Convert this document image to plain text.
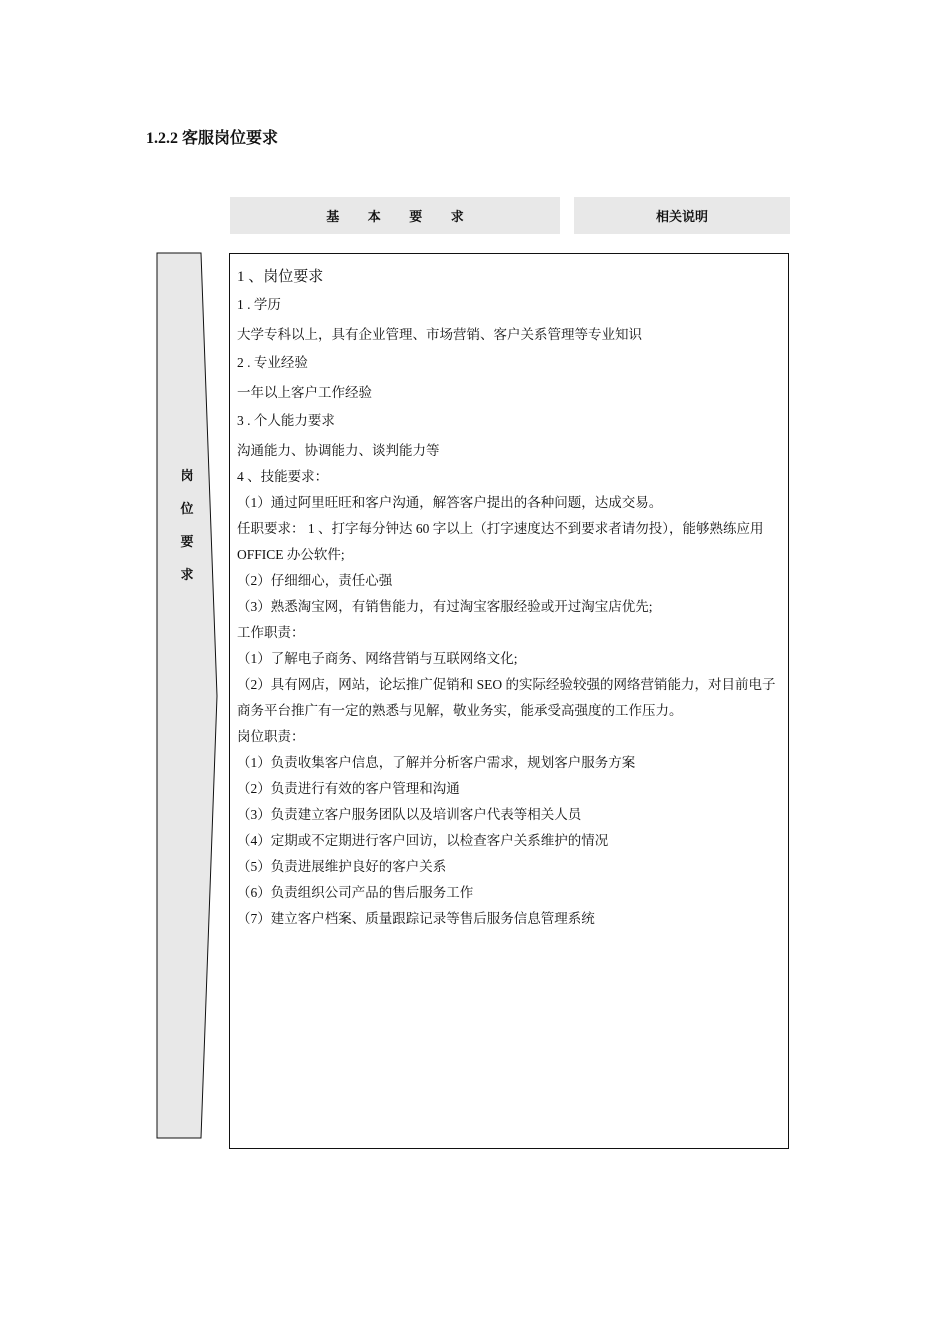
1.2.2 客服岗位要求
基 本 要 求	相关说明
岗
位
要
求
1 、岗位要求
1 . 学历
大学专科以上，具有企业管理、市场营销、客户关系管理等专业知识
2 . 专业经验
一年以上客户工作经验
3 . 个人能力要求
沟通能力、协调能力、谈判能力等
4 、技能要求：
（1）通过阿里旺旺和客户沟通，解答客户提出的各种问题，达成交易。
任职要求： 1 、打字每分钟达 60 字以上（打字速度达不到要求者请勿投），能够熟练应用 OFFICE 办公软件;
（2）仔细细心，责任心强
（3）熟悉淘宝网，有销售能力，有过淘宝客服经验或开过淘宝店优先;
工作职责：
（1）了解电子商务、网络营销与互联网络文化;
（2）具有网店，网站，论坛推广促销和 SEO 的实际经验较强的网络营销能力，对目前电子商务平台推广有一定的熟悉与见解，敬业务实，能承受高强度的工作压力。
岗位职责：
（1）负责收集客户信息，了解并分析客户需求，规划客户服务方案
（2）负责进行有效的客户管理和沟通
（3）负责建立客户服务团队以及培训客户代表等相关人员
（4）定期或不定期进行客户回访，以检查客户关系维护的情况
（5）负责进展维护良好的客户关系
（6）负责组织公司产品的售后服务工作
（7）建立客户档案、质量跟踪记录等售后服务信息管理系统
